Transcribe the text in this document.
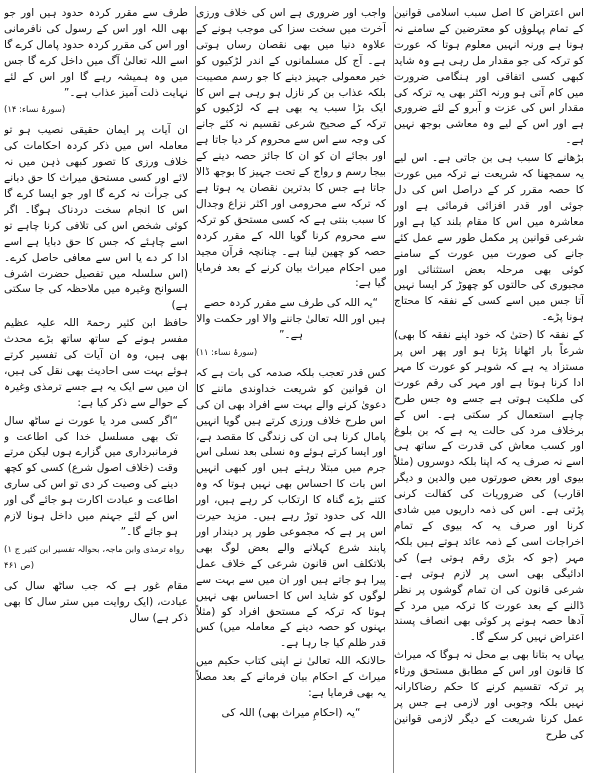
اس اعتراض کا اصل سبب اسلامی قوانین کے تمام پہلوؤں کو معترضین کے سامنے نہ ہونا ہے ورنہ انہیں معلوم ہوتا کہ عورت کو ترکہ کی جو مقدار مل رہی ہے وہ شاید کبھی کسی اتفاقی اور ہنگامی ضرورت میں کام آتی ہو ورنہ اکثر بھی یہ ترکہ کی مقدار اس کی عزت و آبرو کے لئے ضروری ہے اور اس کے لیے وہ معاشی بوجھ نہیں ہے۔

بڑھانے کا سبب ہی بن جاتی ہے۔ اس لیے یہ سمجھنا کہ شریعت نے ترکہ میں عورت کا حصہ مقرر کر کے دراصل اس کی دل جوئی اور قدر افزائی فرمائی ہے اور معاشرہ میں اس کا مقام بلند کیا ہے اور شرعی قوانین پر مکمل طور سے عمل کئے جانے کی صورت میں عورت کے سامنے کوئی بھی مرحلہ بعض استثنائی اور مجبوری کی حالتوں کو چھوڑ کر ایسا نہیں آتا جس میں اسے کسی کے نفقہ کا محتاج ہونا پڑے۔

کے نفقہ کا (حتیٰ کہ خود اپنے نفقہ کا بھی) شرعاً بار اٹھانا پڑتا ہو اور پھر اس پر مستزاد یہ ہے کہ شوہر کو عورت کا مہر ادا کرنا ہوتا ہے اور مہر کی رقم عورت کی ملکیت ہوتی ہے جسے وہ جس طرح چاہے استعمال کر سکتی ہے۔ اس کے برخلاف مرد کی حالت یہ ہے کہ بن بلوغ اور کسب معاش کی قدرت کے ساتھ ہی اسے نہ صرف یہ کہ اپنا بلکہ دوسروں (مثلاً بیوی اور بعض صورتوں میں والدین و دیگر اقارب) کی ضروریات کی کفالت کرنی پڑتی ہے۔ اس کی ذمہ داریوں میں شادی کرنا اور صرف یہ کہ بیوی کے تمام اخراجات اسی کے ذمہ عائد ہوتے ہیں بلکہ مہر (جو کہ بڑی رقم ہوتی ہے) کی ادائیگی بھی اسی پر لازم ہوتی ہے۔ شرعی قانون کی ان تمام گوشوں پر نظر ڈالنے کے بعد عورت کا ترکہ میں مرد کے آدھا حصہ ہونے پر کوئی بھی انصاف پسند اعتراض نہیں کر سکے گا۔

یہاں یہ بتانا بھی بے محل نہ ہوگا کہ میراث کا قانون اور اس کے مطابق مستحق ورثاء پر ترکہ تقسیم کرنے کا حکم رضاکارانہ نہیں بلکہ وجوبی اور لازمی ہے جس پر عمل کرنا شریعت کے دیگر لازمی قوانین کی طرح

واجب اور ضروری ہے اس کی خلاف ورزی آخرت میں سخت سزا کی موجب ہونے کے علاوہ دنیا میں بھی نقصان رساں ہوتی ہے۔ آج کل مسلمانوں کے اندر لڑکیوں کو خیر معمولی جہیز دینے کا جو رسم مصیبت بلکہ عذاب بن کر نازل ہو رہی ہے اس کا ایک بڑا سبب یہ بھی ہے کہ لڑکیوں کو ترکہ کے صحیح شرعی تقسیم نہ کئے جانے کی وجہ سے اس سے محروم کر دیا جاتا ہے اور بجائے ان کو ان کا جائز حصہ دینے کے بیجا رسم و رواج کے تحت جہیز کا بوجھ ڈالا جاتا ہے جس کا بدترین نقصان یہ ہوتا ہے کہ ترکہ سے محرومی اور اکثر نزاع وجدال کا سبب بنتی ہے کہ کسی مستحق کو ترکہ سے محروم کرنا گویا اللہ کے مقرر کردہ حصہ کو چھین لینا ہے۔ چنانچہ قرآن مجید میں احکام میراث بیان کرنے کے بعد فرمایا گیا ہے:

“یہ اللہ کی طرف سے مقرر کردہ حصے ہیں اور اللہ تعالیٰ جاننے والا اور حکمت والا ہے۔”

(سورۂ نساء: ۱۱)

کس قدر تعجب بلکہ صدمہ کی بات ہے کہ ان قوانین کو شریعت خداوندی ماننے کا دعویٰ کرنے والے بہت سے افراد بھی ان کی اس طرح خلاف ورزی کرتے ہیں گویا انہیں پامال کرنا ہی ان کی زندگی کا مقصد ہے، اور ایسا کرتے ہوئے وہ نسلی بعد نسلی اس جرم میں مبتلا رہتے ہیں اور کبھی انہیں اس بات کا احساس بھی نہیں ہوتا کہ وہ کتنے بڑے گناہ کا ارتکاب کر رہے ہیں، اور اللہ کی حدود توڑ رہے ہیں۔ مزید حیرت اس پر ہے کہ مجموعی طور پر دیندار اور پابند شرع کہلانے والے بعض لوگ بھی بلاتکلف اس قانون شرعی کے خلاف عمل پیرا ہو جاتے ہیں اور ان میں سے بہت سے لوگوں کو شاید اس کا احساس بھی نہیں ہوتا کہ ترکہ کے مستحق افراد کو (مثلاً بہنوں کو حصہ دینے کے معاملہ میں) کس قدر ظلم کیا جا رہا ہے۔

حالانکہ اللہ تعالیٰ نے اپنی کتاب حکیم میں میراث کے احکام بیان فرمانے کے بعد مصلاً یہ بھی فرمایا ہے:

“یہ (احکامِ میراث بھی) اللہ کی

طرف سے مقرر کردہ حدود ہیں اور جو بھی اللہ اور اس کے رسول کی نافرمانی اور اس کی مقرر کردہ حدود پامال کرے گا اسے اللہ تعالیٰ آگ میں داخل کرے گا جس میں وہ ہمیشہ رہے گا اور اس کے لئے نہایت ذلت آمیز عذاب ہے۔”

(سورۂ نساء: ۱۴)

ان آیات پر ایمان حقیقی نصیب ہو تو معاملہ اس میں ذکر کردہ احکامات کی خلاف ورزی کا تصور کبھی ذہن میں نہ لائے اور کسی مستحق میراث کا حق دبانے کی جرأت نہ کرے گا اور جو ایسا کرے گا اس کا انجام سخت دردناک ہوگا۔ اگر کوئی شخص اس کی تلافی کرنا چاہے تو اسے چاہئے کہ جس کا حق دبایا ہے اسے ادا کر دے یا اس سے معافی حاصل کرے۔ (اس سلسلہ میں تفصیل حضرت اشرف السوانح وغیرہ میں ملاحظہ کی جا سکتی ہے)

حافظ ابن کثیر رحمۃ اللہ علیہ عظیم مفسر ہونے کے ساتھ ساتھ بڑے محدث بھی ہیں، وہ ان آیات کی تفسیر کرتے ہوئے بہت سی احادیث بھی نقل کی ہیں، ان میں سے ایک یہ ہے جسے ترمذی وغیرہ کے حوالے سے ذکر کیا ہے:

“اگر کسی مرد یا عورت نے ساٹھ سال تک بھی مسلسل خدا کی اطاعت و فرمانبرداری میں گزارے ہوں لیکن مرتے وقت (خلاف اصول شرع) کسی کو کچھ دینے کی وصیت کر دی تو اس کی ساری اطاعت و عبادت اکارت ہو جائے گی اور اس کے لئے جہنم میں داخل ہونا لازم ہو جائے گا۔”

(رواہ ترمذی وابن ماجہ، بحوالہ تفسیر ابن کثیر ج ۱ ص ۴۶۱)

مقام غور ہے کہ جب ساٹھ سال کی عبادت، (ایک روایت میں ستر سال کا بھی ذکر ہے) سال
